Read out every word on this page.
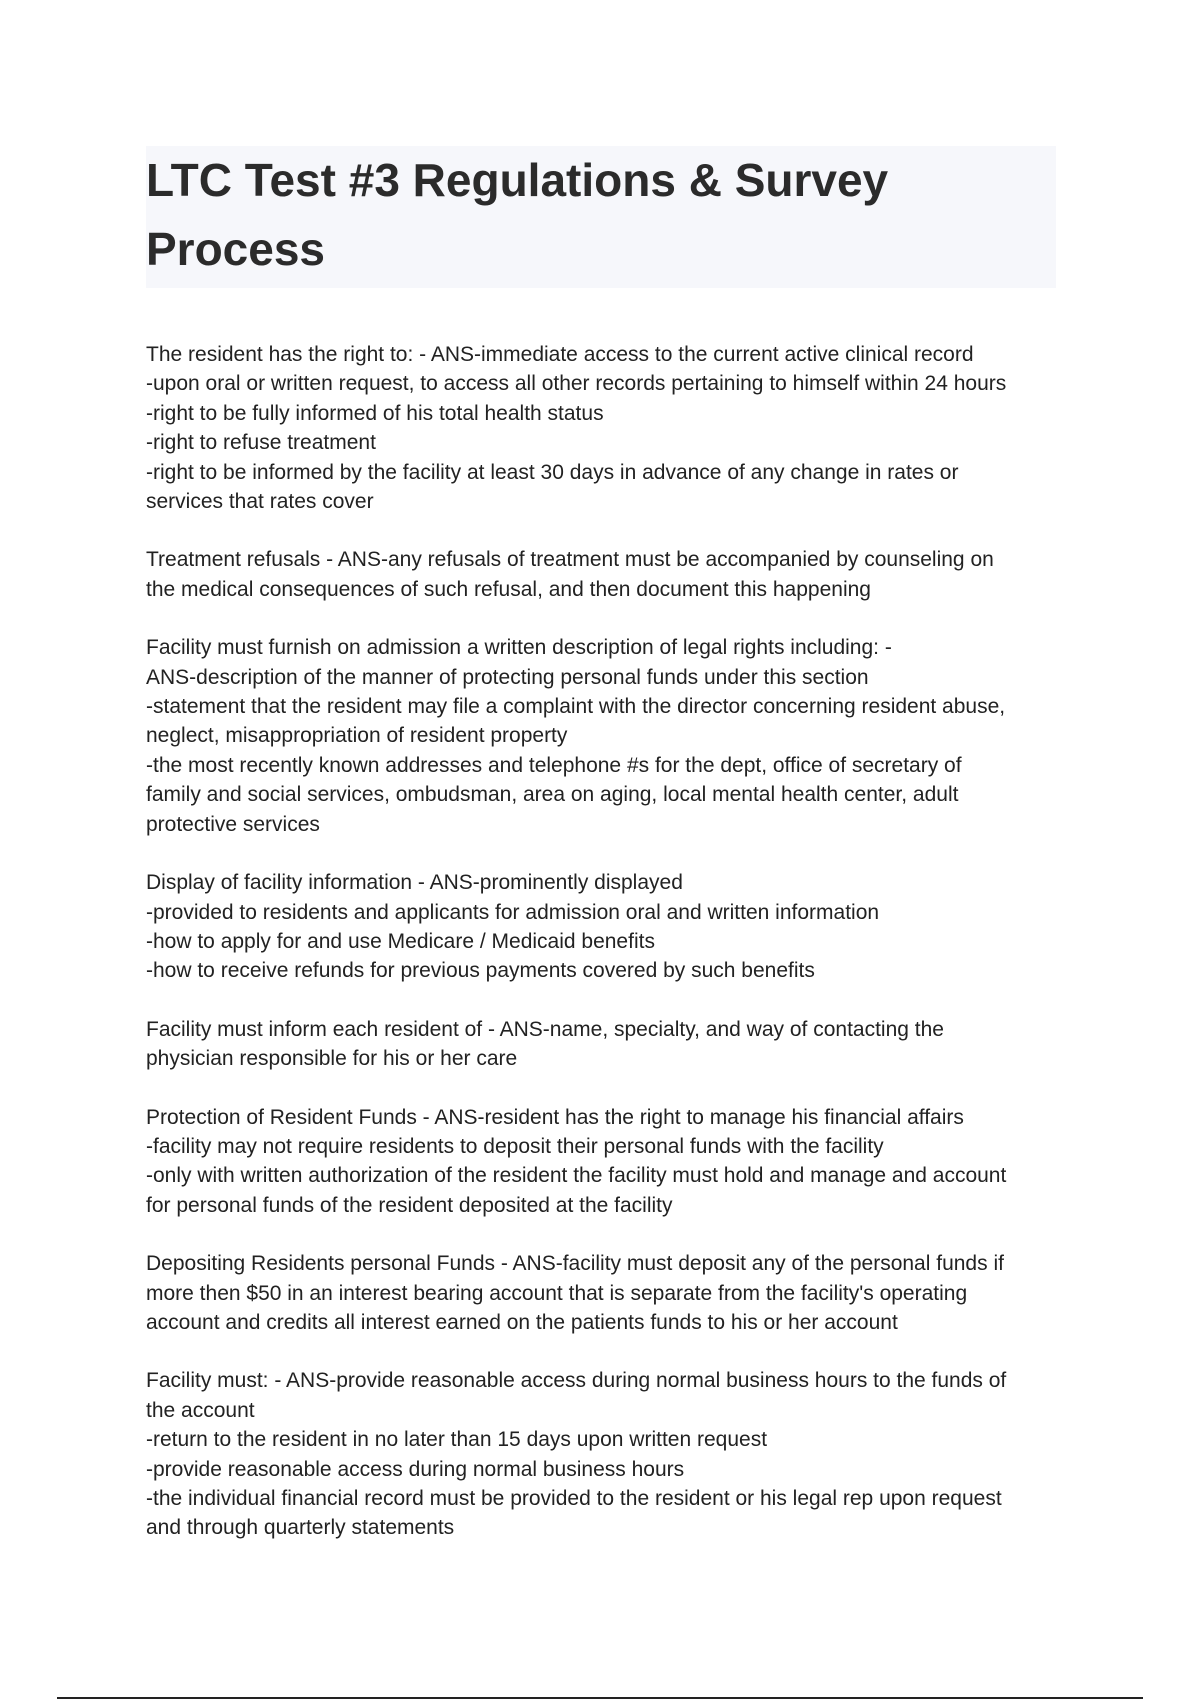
LTC Test #3 Regulations & Survey
Process

The resident has the right to: - ANS-immediate access to the current active clinical record
-upon oral or written request, to access all other records pertaining to himself within 24 hours
-right to be fully informed of his total health status
-right to refuse treatment
-right to be informed by the facility at least 30 days in advance of any change in rates or
services that rates cover

Treatment refusals - ANS-any refusals of treatment must be accompanied by counseling on
the medical consequences of such refusal, and then document this happening

Facility must furnish on admission a written description of legal rights including: -
ANS-description of the manner of protecting personal funds under this section
-statement that the resident may file a complaint with the director concerning resident abuse,
neglect, misappropriation of resident property
-the most recently known addresses and telephone #s for the dept, office of secretary of
family and social services, ombudsman, area on aging, local mental health center, adult
protective services

Display of facility information - ANS-prominently displayed
-provided to residents and applicants for admission oral and written information
-how to apply for and use Medicare / Medicaid benefits
-how to receive refunds for previous payments covered by such benefits

Facility must inform each resident of - ANS-name, specialty, and way of contacting the
physician responsible for his or her care

Protection of Resident Funds - ANS-resident has the right to manage his financial affairs
-facility may not require residents to deposit their personal funds with the facility
-only with written authorization of the resident the facility must hold and manage and account
for personal funds of the resident deposited at the facility

Depositing Residents personal Funds - ANS-facility must deposit any of the personal funds if
more then $50 in an interest bearing account that is separate from the facility's operating
account and credits all interest earned on the patients funds to his or her account

Facility must: - ANS-provide reasonable access during normal business hours to the funds of
the account
-return to the resident in no later than 15 days upon written request
-provide reasonable access during normal business hours
-the individual financial record must be provided to the resident or his legal rep upon request
and through quarterly statements
